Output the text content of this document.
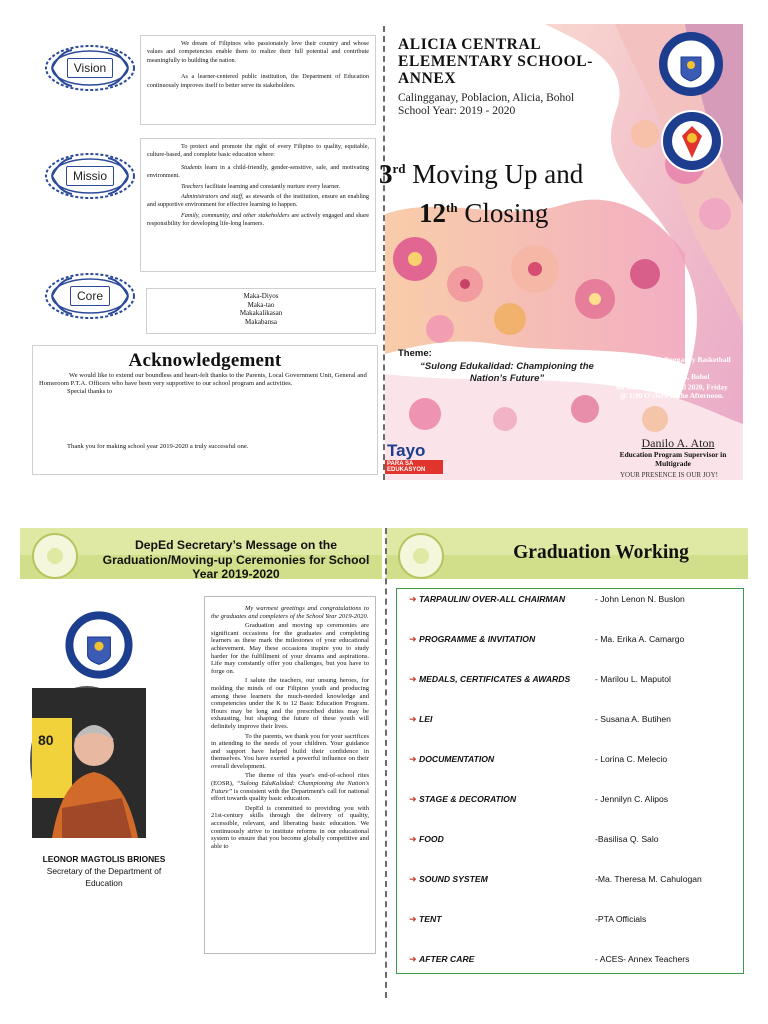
Vision

We dream of Filipinos who passionately love their country and whose values and competencies enable them to realize their full potential and contribute meaningfully to building the nation.

As a learner-centered public institution, the Department of Education continuously improves itself to better serve its stakeholders.

Missio

To protect and promote the right of every Filipino to quality, equitable, culture-based, and complete basic education where:

Students learn in a child-friendly, gender-sensitive, safe, and motivating environment.

Teachers facilitate learning and constantly nurture every learner.

Administrators and staff, as stewards of the institution, ensure an enabling and supportive environment for effective learning to happen.

Family, community, and other stakeholders are actively engaged and share responsibility for developing life-long learners.

Core	Maka-Diyos
Maka-tao
Makakalikasan
Makabansa
Acknowledgement
We would like to extend our boundless and heart-felt thanks to the Parents, Local Government Unit, General and Homeroom P.T.A. Officers who have been very supportive to our school program and activities.
Special thanks to
Thank you for making school year 2019-2020 a truly successful one.
ALICIA CENTRAL
ELEMENTARY SCHOOL-
ANNEX
Calingganay, Poblacion, Alicia, Bohol
School Year: 2019 - 2020
3rd Moving Up and
12th Closing
Theme:
“Sulong Edukalidad: Championing the Nation’s Future”
To be held at Calingganay Basketball Court,
Poblacion, Alicia, Bohol
on the 3rd day of April 2020, Friday
@ 1:00 O'clock in the Afternoon.
Danilo A. Aton
Education Program Supervisor in Multigrade
YOUR PRESENCE IS OUR JOY!
Tayo
PARA SA EDUKASYON
DepEd Secretary’s Message on the Graduation/Moving-up Ceremonies for School Year 2019-2020
80
LEONOR MAGTOLIS BRIONES
Secretary of the Department of
Education

My warmest greetings and congratulations to the graduates and completers of the School Year 2019-2020.

Graduation and moving up ceremonies are significant occasions for the graduates and completing learners as these mark the milestones of your educational achievement. May these occasions inspire you to study harder for the fulfillment of your dreams and aspirations. Life may constantly offer you challenges, but you have to forge on.

I salute the teachers, our unsung heroes, for molding the minds of our Filipino youth and producing among these learners the much-needed knowledge and competencies under the K to 12 Basic Education Program. Hours may be long and the prescribed duties may be exhausting, but shaping the future of these youth will definitely improve their lives.

To the parents, we thank you for your sacrifices in attending to the needs of your children. Your guidance and support have helped build their confidence in themselves. You have exerted a powerful influence on their overall development.

The theme of this year's end-of-school rites (EOSR), “Sulong EduKalidad: Championing the Nation's Future” is consistent with the Department's call for national effort towards quality basic education.

DepEd is committed to providing you with 21st-century skills through the delivery of quality, accessible, relevant, and liberating basic education. We continuously strive to institute reforms in our educational system to ensure that you become globally competitive and able to

Graduation Working
➜ TARPAULIN/ OVER-ALL CHAIRMAN	- John Lenon N. Buslon
➜ PROGRAMME & INVITATION	- Ma. Erika A. Camargo
➜ MEDALS, CERTIFICATES & AWARDS	- Marilou L. Maputol
➜ LEI	- Susana A. Butihen
➜ DOCUMENTATION	- Lorina C. Melecio
➜ STAGE & DECORATION	- Jennilyn C. Alipos
➜ FOOD	-Basilisa Q. Salo
➜ SOUND SYSTEM	-Ma. Theresa M. Cahulogan
➜ TENT	-PTA Officials
➜ AFTER CARE	- ACES- Annex Teachers
